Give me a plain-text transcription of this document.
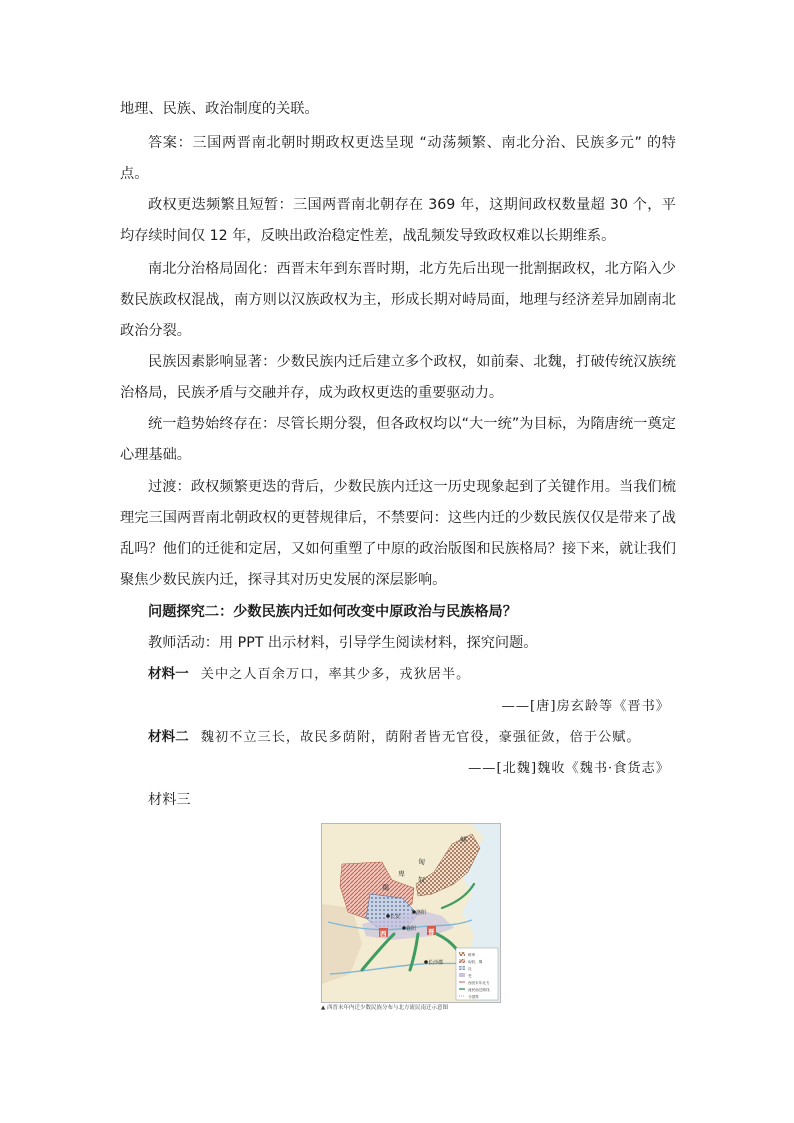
地理、民族、政治制度的关联。
答案：三国两晋南北朝时期政权更迭呈现 “动荡频繁、南北分治、民族多元” 的特点。
政权更迭频繁且短暂：三国两晋南北朝存在 369 年，这期间政权数量超 30 个，平均存续时间仅 12 年，反映出政治稳定性差，战乱频发导致政权难以长期维系。
南北分治格局固化：西晋末年到东晋时期，北方先后出现一批割据政权，北方陷入少数民族政权混战，南方则以汉族政权为主，形成长期对峙局面，地理与经济差异加剧南北政治分裂。
民族因素影响显著：少数民族内迁后建立多个政权，如前秦、北魏，打破传统汉族统治格局，民族矛盾与交融并存，成为政权更迭的重要驱动力。
统一趋势始终存在：尽管长期分裂，但各政权均以“大一统”为目标，为隋唐统一奠定心理基础。
过渡：政权频繁更迭的背后，少数民族内迁这一历史现象起到了关键作用。当我们梳理完三国两晋南北朝政权的更替规律后，不禁要问：这些内迁的少数民族仅仅是带来了战乱吗？他们的迁徙和定居，又如何重塑了中原的政治版图和民族格局？接下来，就让我们聚焦少数民族内迁，探寻其对历史发展的深层影响。
问题探究二：少数民族内迁如何改变中原政治与民族格局？
教师活动：用 PPT 出示材料，引导学生阅读材料，探究问题。
材料一 关中之人百余万口，率其少多，戎狄居半。
——[唐]房玄龄等《晋书》
材料二 魏初不立三长，故民多荫附，荫附者皆无官役，豪强征敛，倍于公赋。
——[北魏]魏收《魏书·食货志》
材料三
鲜
卑
匈
奴
羯
西
洛阳
襄阳
长安
晋
长沙郡
鲜卑
匈奴、羯
氐
羌
西晋末年北方
流民南迁路线
今国界
▲ 西晋末年内迁少数民族分布与北方流民南迁示意图
